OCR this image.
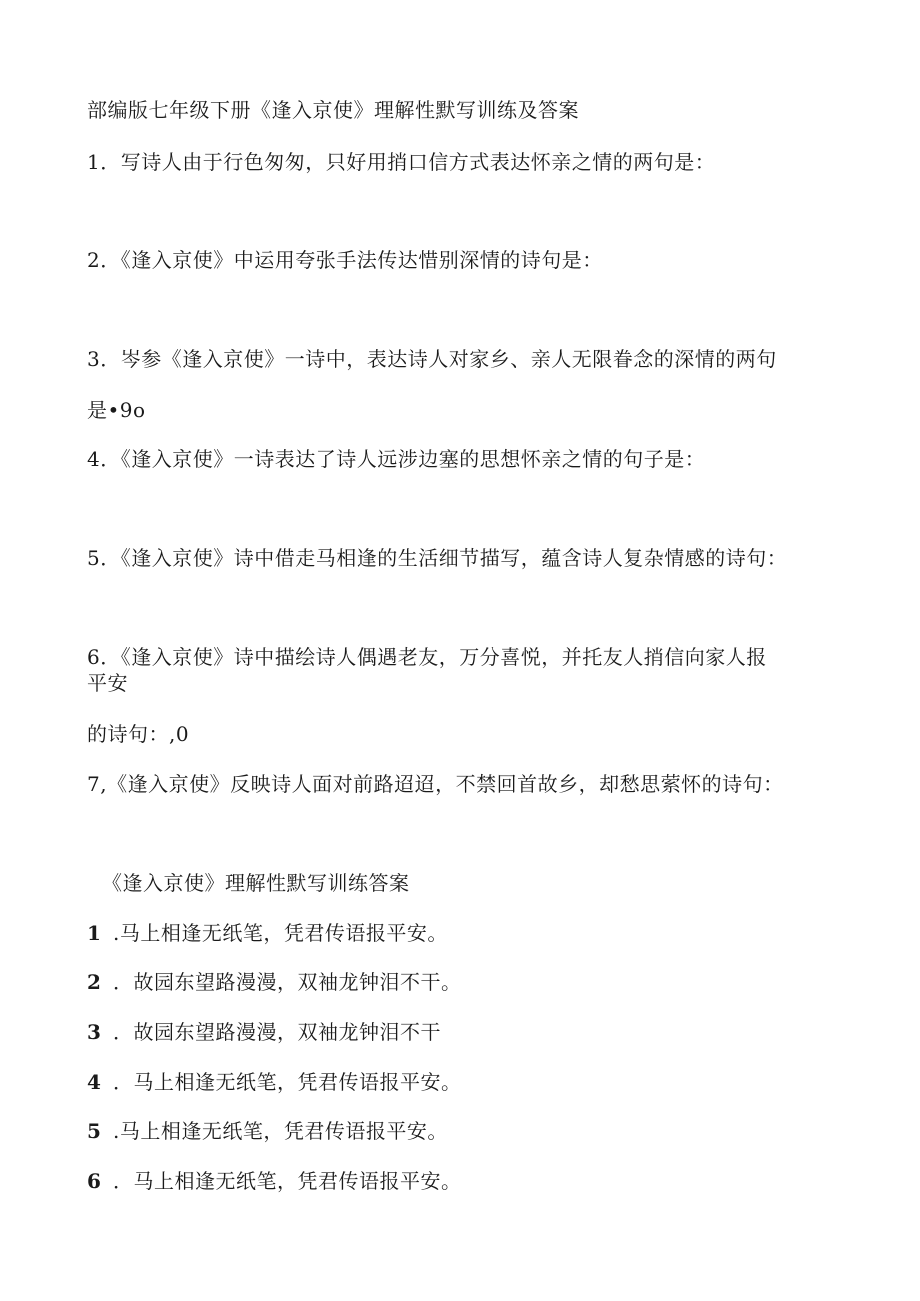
部编版七年级下册《逢入京使》理解性默写训练及答案
1．写诗人由于行色匆匆，只好用捎口信方式表达怀亲之情的两句是：
2．《逢入京使》中运用夸张手法传达惜别深情的诗句是：
3．岑参《逢入京使》一诗中，表达诗人对家乡、亲人无限眷念的深情的两句
是•9o
4．《逢入京使》一诗表达了诗人远涉边塞的思想怀亲之情的句子是：
5．《逢入京使》诗中借走马相逢的生活细节描写，蕴含诗人复杂情感的诗句：
6．《逢入京使》诗中描绘诗人偶遇老友，万分喜悦，并托友人捎信向家人报
平安
的诗句：,0
7,《逢入京使》反映诗人面对前路迢迢，不禁回首故乡，却愁思萦怀的诗句：
《逢入京使》理解性默写训练答案
1 .马上相逢无纸笔，凭君传语报平安。
2 ．故园东望路漫漫，双袖龙钟泪不干。
3 ．故园东望路漫漫，双袖龙钟泪不干
4 ．马上相逢无纸笔，凭君传语报平安。
5 .马上相逢无纸笔，凭君传语报平安。
6 ．马上相逢无纸笔，凭君传语报平安。
